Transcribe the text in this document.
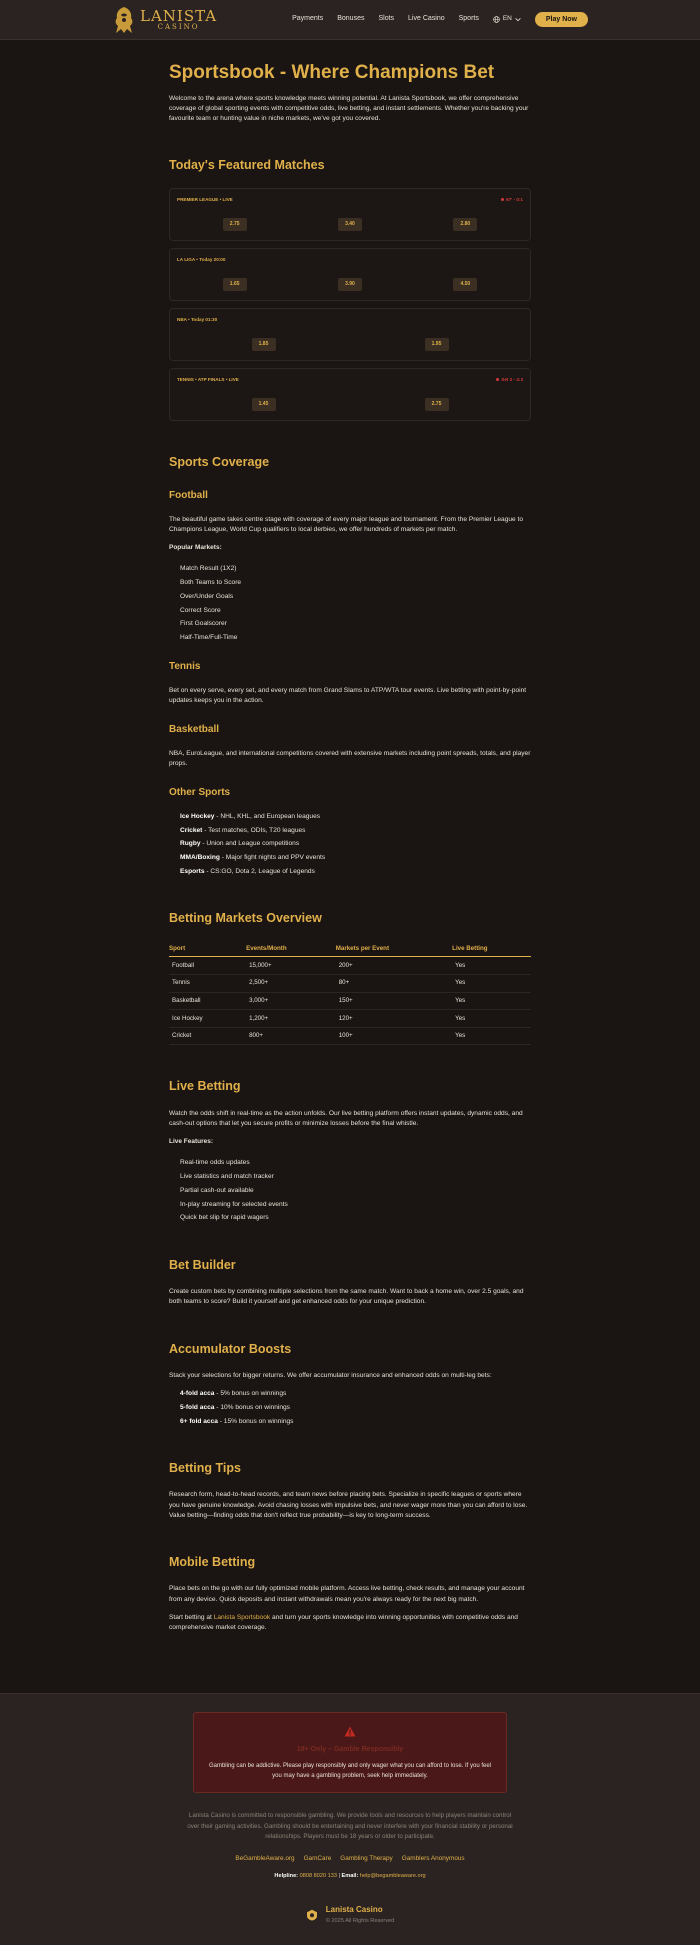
LANISTA
CASINO
Payments Bonuses Slots Live Casino Sports	EN	Play Now
Sportsbook - Where Champions Bet

Welcome to the arena where sports knowledge meets winning potential. At Lanista Sportsbook, we offer comprehensive coverage of global sporting events with competitive odds, live betting, and instant settlements. Whether you're backing your favourite team or hunting value in niche markets, we've got you covered.

Today's Featured Matches
PREMIER LEAGUE • LIVE	67' - 0:1

2.75	3.40	2.80
LA LIGA • Today 20:00

1.65	3.90	4.50
NBA • Today 01:30

1.85	1.95
TENNIS • ATP FINALS • LIVE	Set 2 - 4:3

1.45	2.75
Sports Coverage
Football

The beautiful game takes centre stage with coverage of every major league and tournament. From the Premier League to Champions League, World Cup qualifiers to local derbies, we offer hundreds of markets per match.

Popular Markets:
Match Result (1X2)
Both Teams to Score
Over/Under Goals
Correct Score
First Goalscorer
Half-Time/Full-Time
Tennis

Bet on every serve, every set, and every match from Grand Slams to ATP/WTA tour events. Live betting with point-by-point updates keeps you in the action.

Basketball

NBA, EuroLeague, and international competitions covered with extensive markets including point spreads, totals, and player props.

Other Sports
Ice Hockey - NHL, KHL, and European leagues
Cricket - Test matches, ODIs, T20 leagues
Rugby - Union and League competitions
MMA/Boxing - Major fight nights and PPV events
Esports - CS:GO, Dota 2, League of Legends
Betting Markets Overview
Sport	Events/Month	Markets per Event	Live Betting
Football	15,000+	200+	Yes
Tennis	2,500+	80+	Yes
Basketball	3,000+	150+	Yes
Ice Hockey	1,200+	120+	Yes
Cricket	800+	100+	Yes
Live Betting

Watch the odds shift in real-time as the action unfolds. Our live betting platform offers instant updates, dynamic odds, and cash-out options that let you secure profits or minimize losses before the final whistle.

Live Features:
Real-time odds updates
Live statistics and match tracker
Partial cash-out available
In-play streaming for selected events
Quick bet slip for rapid wagers
Bet Builder

Create custom bets by combining multiple selections from the same match. Want to back a home win, over 2.5 goals, and both teams to score? Build it yourself and get enhanced odds for your unique prediction.

Accumulator Boosts

Stack your selections for bigger returns. We offer accumulator insurance and enhanced odds on multi-leg bets:

4-fold acca - 5% bonus on winnings
5-fold acca - 10% bonus on winnings
6+ fold acca - 15% bonus on winnings
Betting Tips

Research form, head-to-head records, and team news before placing bets. Specialize in specific leagues or sports where you have genuine knowledge. Avoid chasing losses with impulsive bets, and never wager more than you can afford to lose. Value betting—finding odds that don't reflect true probability—is key to long-term success.

Mobile Betting

Place bets on the go with our fully optimized mobile platform. Access live betting, check results, and manage your account from any device. Quick deposits and instant withdrawals mean you're always ready for the next big match.

Start betting at Lanista Sportsbook and turn your sports knowledge into winning opportunities with competitive odds and comprehensive market coverage.

18+ Only – Gamble Responsibly
Gambling can be addictive. Please play responsibly and only wager what you can afford to lose. If you feel you may have a gambling problem, seek help immediately.
Lanista Casino is committed to responsible gambling. We provide tools and resources to help players maintain control over their gaming activities. Gambling should be entertaining and never interfere with your financial stability or personal relationships. Players must be 18 years or older to participate.
BeGambleAware.org GamCare Gambling Therapy Gamblers Anonymous
Helpline: 0808 8020 133 | Email: help@begambleaware.org
Lanista Casino
© 2025 All Rights Reserved
